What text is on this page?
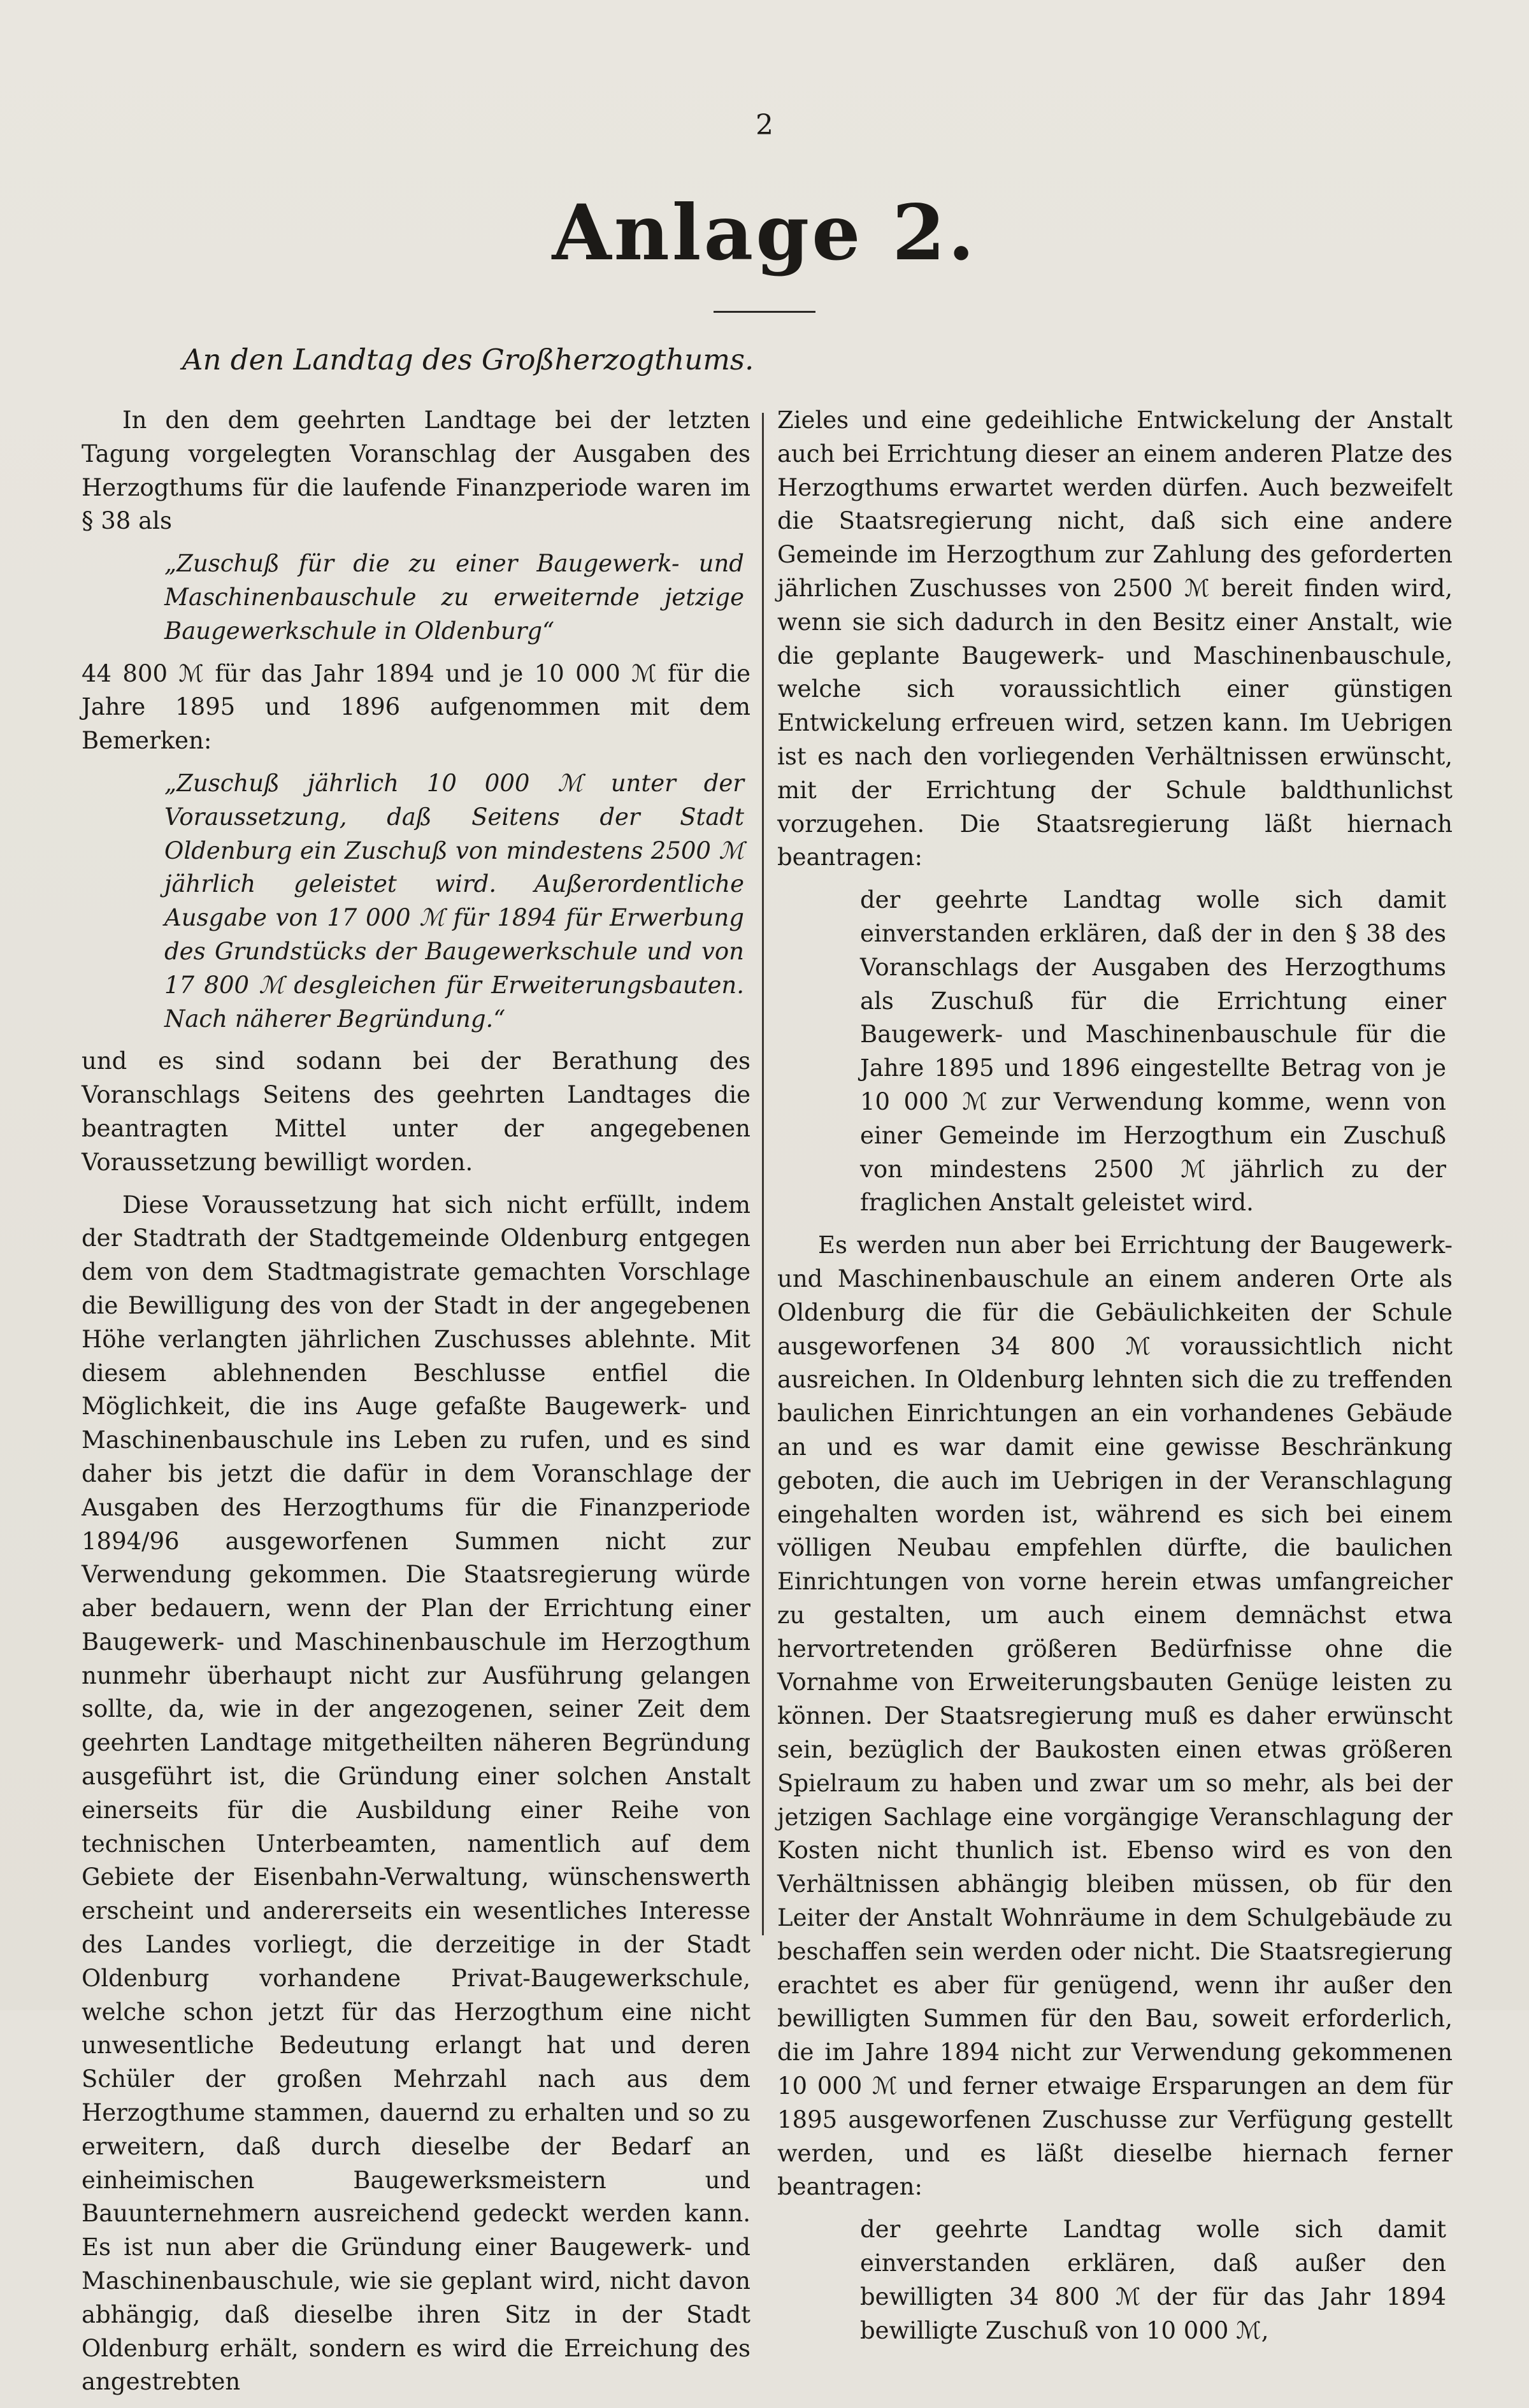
2
Anlage 2.
An den Landtag des Großherzogthums.

In den dem geehrten Landtage bei der letzten Tagung vorgelegten Voranschlag der Ausgaben des Herzogthums für die laufende Finanzperiode waren im § 38 als

„Zuschuß für die zu einer Baugewerk- und Maschinenbauschule zu erweiternde jetzige Baugewerkschule in Oldenburg“

44 800 ℳ für das Jahr 1894 und je 10 000 ℳ für die Jahre 1895 und 1896 aufgenommen mit dem Bemerken:

„Zuschuß jährlich 10 000 ℳ unter der Voraussetzung, daß Seitens der Stadt Oldenburg ein Zuschuß von mindestens 2500 ℳ jährlich geleistet wird. Außerordentliche Ausgabe von 17 000 ℳ für 1894 für Erwerbung des Grundstücks der Baugewerkschule und von 17 800 ℳ desgleichen für Erweiterungsbauten. Nach näherer Begründung.“

und es sind sodann bei der Berathung des Voranschlags Seitens des geehrten Landtages die beantragten Mittel unter der angegebenen Voraussetzung bewilligt worden.

Diese Voraussetzung hat sich nicht erfüllt, indem der Stadtrath der Stadtgemeinde Oldenburg entgegen dem von dem Stadtmagistrate gemachten Vorschlage die Bewilligung des von der Stadt in der angegebenen Höhe verlangten jährlichen Zuschusses ablehnte. Mit diesem ablehnenden Beschlusse entfiel die Möglichkeit, die ins Auge gefaßte Baugewerk- und Maschinenbauschule ins Leben zu rufen, und es sind daher bis jetzt die dafür in dem Voranschlage der Ausgaben des Herzogthums für die Finanzperiode 1894/96 ausgeworfenen Summen nicht zur Verwendung gekommen. Die Staatsregierung würde aber bedauern, wenn der Plan der Errichtung einer Baugewerk- und Maschinenbauschule im Herzogthum nunmehr überhaupt nicht zur Ausführung gelangen sollte, da, wie in der angezogenen, seiner Zeit dem geehrten Landtage mitgetheilten näheren Begründung ausgeführt ist, die Gründung einer solchen Anstalt einerseits für die Ausbildung einer Reihe von technischen Unterbeamten, namentlich auf dem Gebiete der Eisenbahn-Verwaltung, wünschenswerth erscheint und andererseits ein wesentliches Interesse des Landes vorliegt, die derzeitige in der Stadt Oldenburg vorhandene Privat-Baugewerkschule, welche schon jetzt für das Herzogthum eine nicht unwesentliche Bedeutung erlangt hat und deren Schüler der großen Mehrzahl nach aus dem Herzogthume stammen, dauernd zu erhalten und so zu erweitern, daß durch dieselbe der Bedarf an einheimischen Baugewerksmeistern und Bauunternehmern ausreichend gedeckt werden kann. Es ist nun aber die Gründung einer Baugewerk- und Maschinenbauschule, wie sie geplant wird, nicht davon abhängig, daß dieselbe ihren Sitz in der Stadt Oldenburg erhält, sondern es wird die Erreichung des angestrebten

Zieles und eine gedeihliche Entwickelung der Anstalt auch bei Errichtung dieser an einem anderen Platze des Herzogthums erwartet werden dürfen. Auch bezweifelt die Staatsregierung nicht, daß sich eine andere Gemeinde im Herzogthum zur Zahlung des geforderten jährlichen Zuschusses von 2500 ℳ bereit finden wird, wenn sie sich dadurch in den Besitz einer Anstalt, wie die geplante Baugewerk- und Maschinenbauschule, welche sich voraussichtlich einer günstigen Entwickelung erfreuen wird, setzen kann. Im Uebrigen ist es nach den vorliegenden Verhältnissen erwünscht, mit der Errichtung der Schule baldthunlichst vorzugehen. Die Staatsregierung läßt hiernach beantragen:

der geehrte Landtag wolle sich damit einverstanden erklären, daß der in den § 38 des Voranschlags der Ausgaben des Herzogthums als Zuschuß für die Errichtung einer Baugewerk- und Maschinenbauschule für die Jahre 1895 und 1896 eingestellte Betrag von je 10 000 ℳ zur Verwendung komme, wenn von einer Gemeinde im Herzogthum ein Zuschuß von mindestens 2500 ℳ jährlich zu der fraglichen Anstalt geleistet wird.

Es werden nun aber bei Errichtung der Baugewerk- und Maschinenbauschule an einem anderen Orte als Oldenburg die für die Gebäulichkeiten der Schule ausgeworfenen 34 800 ℳ voraussichtlich nicht ausreichen. In Oldenburg lehnten sich die zu treffenden baulichen Einrichtungen an ein vorhandenes Gebäude an und es war damit eine gewisse Beschränkung geboten, die auch im Uebrigen in der Veranschlagung eingehalten worden ist, während es sich bei einem völligen Neubau empfehlen dürfte, die baulichen Einrichtungen von vorne herein etwas umfangreicher zu gestalten, um auch einem demnächst etwa hervortretenden größeren Bedürfnisse ohne die Vornahme von Erweiterungsbauten Genüge leisten zu können. Der Staatsregierung muß es daher erwünscht sein, bezüglich der Baukosten einen etwas größeren Spielraum zu haben und zwar um so mehr, als bei der jetzigen Sachlage eine vorgängige Veranschlagung der Kosten nicht thunlich ist. Ebenso wird es von den Verhältnissen abhängig bleiben müssen, ob für den Leiter der Anstalt Wohnräume in dem Schulgebäude zu beschaffen sein werden oder nicht. Die Staatsregierung erachtet es aber für genügend, wenn ihr außer den bewilligten Summen für den Bau, soweit erforderlich, die im Jahre 1894 nicht zur Verwendung gekommenen 10 000 ℳ und ferner etwaige Ersparungen an dem für 1895 ausgeworfenen Zuschusse zur Verfügung gestellt werden, und es läßt dieselbe hiernach ferner beantragen:

der geehrte Landtag wolle sich damit einverstanden erklären, daß außer den bewilligten 34 800 ℳ der für das Jahr 1894 bewilligte Zuschuß von 10 000 ℳ,
